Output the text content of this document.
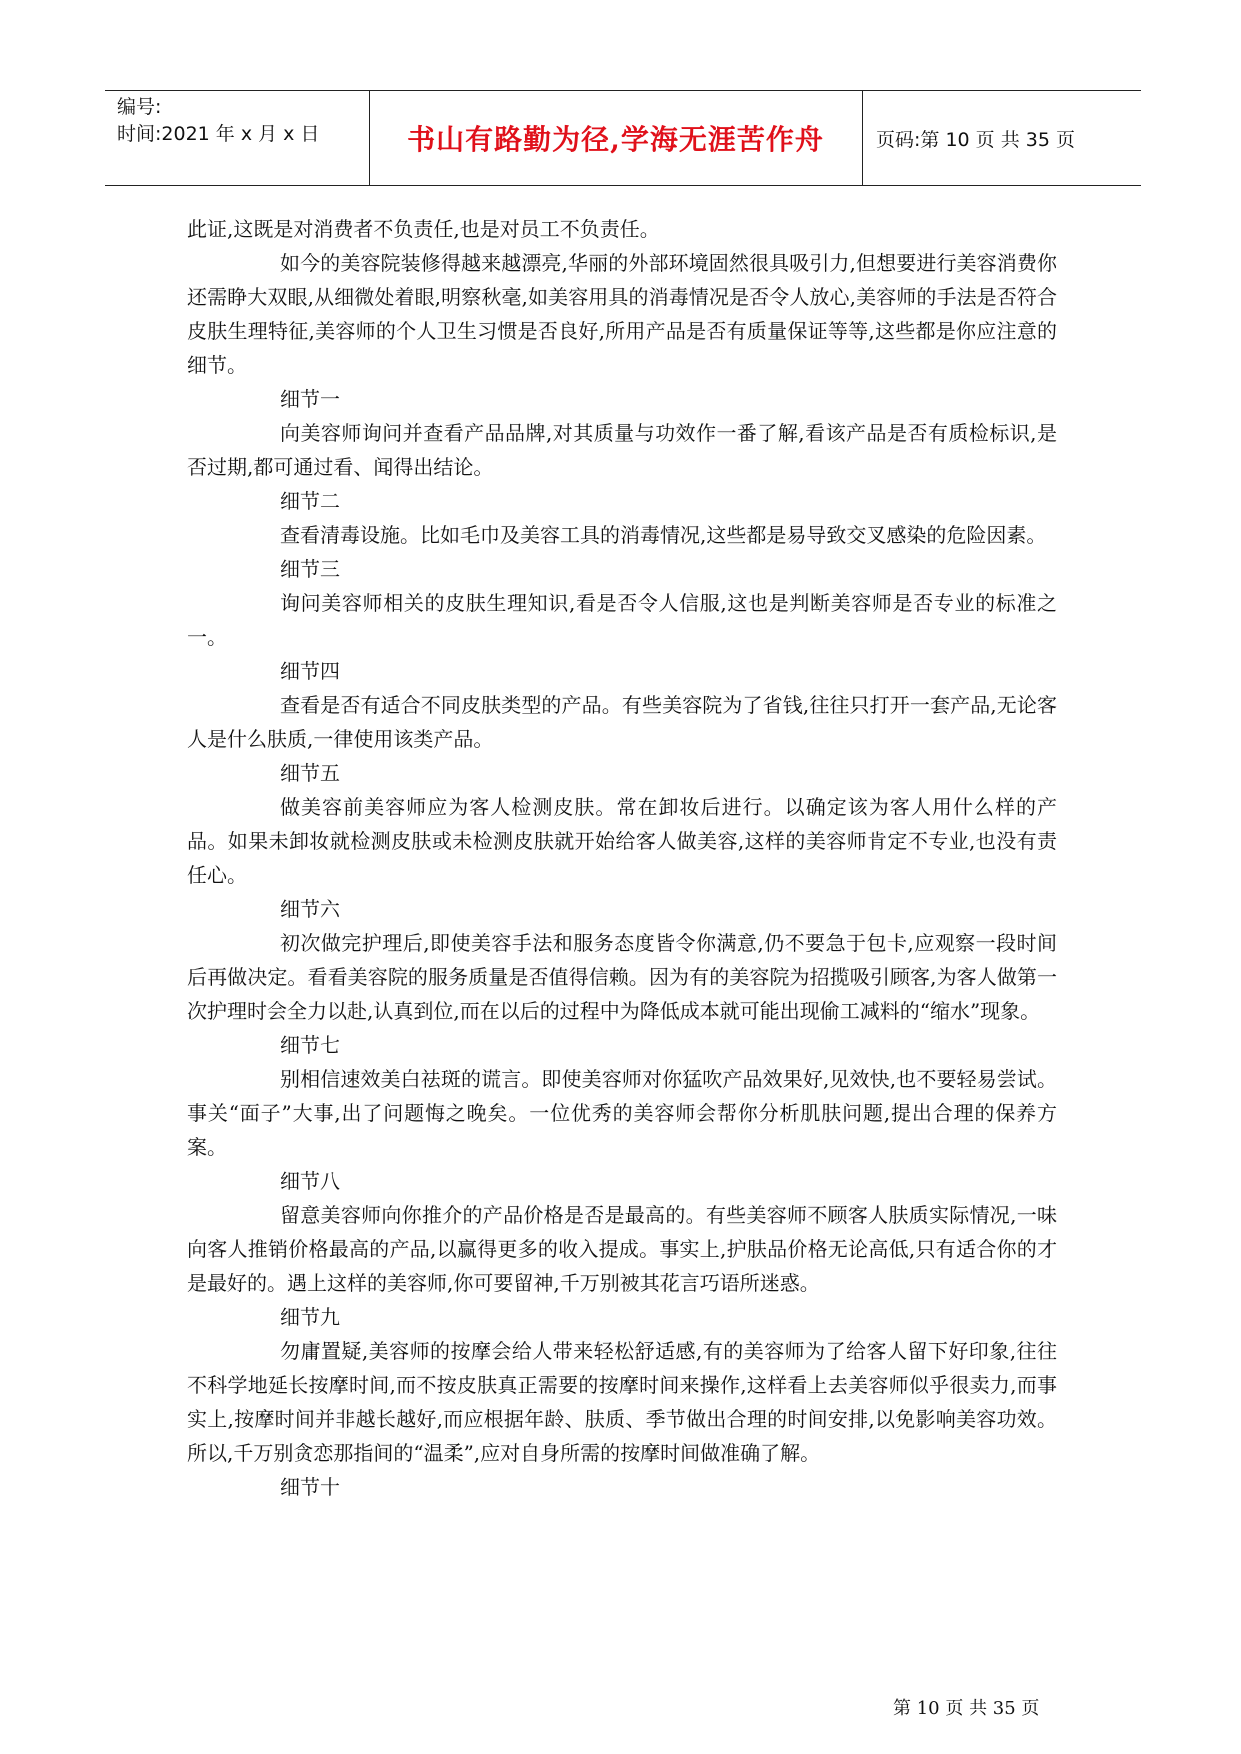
编号:
时间:2021 年 x 月 x 日	书山有路勤为径,学海无涯苦作舟	页码:第 10 页 共 35 页

此证,这既是对消费者不负责任,也是对员工不负责任。

如今的美容院装修得越来越漂亮,华丽的外部环境固然很具吸引力,但想要进行美容消费你还需睁大双眼,从细微处着眼,明察秋毫,如美容用具的消毒情况是否令人放心,美容师的手法是否符合皮肤生理特征,美容师的个人卫生习惯是否良好,所用产品是否有质量保证等等,这些都是你应注意的细节。

细节一

向美容师询问并查看产品品牌,对其质量与功效作一番了解,看该产品是否有质检标识,是否过期,都可通过看、闻得出结论。

细节二

查看清毒设施。比如毛巾及美容工具的消毒情况,这些都是易导致交叉感染的危险因素。

细节三

询问美容师相关的皮肤生理知识,看是否令人信服,这也是判断美容师是否专业的标准之一。

细节四

查看是否有适合不同皮肤类型的产品。有些美容院为了省钱,往往只打开一套产品,无论客人是什么肤质,一律使用该类产品。

细节五

做美容前美容师应为客人检测皮肤。常在卸妆后进行。以确定该为客人用什么样的产品。如果未卸妆就检测皮肤或未检测皮肤就开始给客人做美容,这样的美容师肯定不专业,也没有责任心。

细节六

初次做完护理后,即使美容手法和服务态度皆令你满意,仍不要急于包卡,应观察一段时间后再做决定。看看美容院的服务质量是否值得信赖。因为有的美容院为招揽吸引顾客,为客人做第一次护理时会全力以赴,认真到位,而在以后的过程中为降低成本就可能出现偷工减料的“缩水”现象。

细节七

别相信速效美白祛斑的谎言。即使美容师对你猛吹产品效果好,见效快,也不要轻易尝试。事关“面子”大事,出了问题悔之晚矣。一位优秀的美容师会帮你分析肌肤问题,提出合理的保养方案。

细节八

留意美容师向你推介的产品价格是否是最高的。有些美容师不顾客人肤质实际情况,一味向客人推销价格最高的产品,以赢得更多的收入提成。事实上,护肤品价格无论高低,只有适合你的才是最好的。遇上这样的美容师,你可要留神,千万别被其花言巧语所迷惑。

细节九

勿庸置疑,美容师的按摩会给人带来轻松舒适感,有的美容师为了给客人留下好印象,往往不科学地延长按摩时间,而不按皮肤真正需要的按摩时间来操作,这样看上去美容师似乎很卖力,而事实上,按摩时间并非越长越好,而应根据年龄、肤质、季节做出合理的时间安排,以免影响美容功效。所以,千万别贪恋那指间的“温柔”,应对自身所需的按摩时间做准确了解。

细节十

第 10 页 共 35 页
